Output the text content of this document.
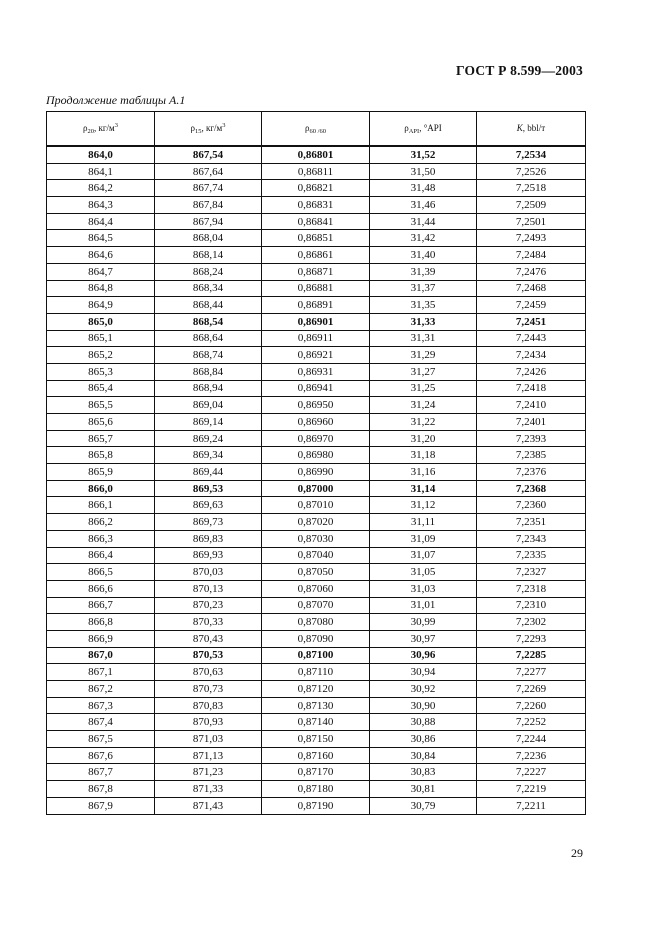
ГОСТ Р 8.599—2003
Продолжение таблицы А.1
$\rho_{20}$, $кг/м^3$	$\rho_{15}$, $кг/м^3$	$\rho_{60 /60}$	$\rho_{API}$, °API	K, bbl/т
864,0	867,54	0,86801	31,52	7,2534
864,1	867,64	0,86811	31,50	7,2526
864,2	867,74	0,86821	31,48	7,2518
864,3	867,84	0,86831	31,46	7,2509
864,4	867,94	0,86841	31,44	7,2501
864,5	868,04	0,86851	31,42	7,2493
864,6	868,14	0,86861	31,40	7,2484
864,7	868,24	0,86871	31,39	7,2476
864,8	868,34	0,86881	31,37	7,2468
864,9	868,44	0,86891	31,35	7,2459
865,0	868,54	0,86901	31,33	7,2451
865,1	868,64	0,86911	31,31	7,2443
865,2	868,74	0,86921	31,29	7,2434
865,3	868,84	0,86931	31,27	7,2426
865,4	868,94	0,86941	31,25	7,2418
865,5	869,04	0,86950	31,24	7,2410
865,6	869,14	0,86960	31,22	7,2401
865,7	869,24	0,86970	31,20	7,2393
865,8	869,34	0,86980	31,18	7,2385
865,9	869,44	0,86990	31,16	7,2376
866,0	869,53	0,87000	31,14	7,2368
866,1	869,63	0,87010	31,12	7,2360
866,2	869,73	0,87020	31,11	7,2351
866,3	869,83	0,87030	31,09	7,2343
866,4	869,93	0,87040	31,07	7,2335
866,5	870,03	0,87050	31,05	7,2327
866,6	870,13	0,87060	31,03	7,2318
866,7	870,23	0,87070	31,01	7,2310
866,8	870,33	0,87080	30,99	7,2302
866,9	870,43	0,87090	30,97	7,2293
867,0	870,53	0,87100	30,96	7,2285
867,1	870,63	0,87110	30,94	7,2277
867,2	870,73	0,87120	30,92	7,2269
867,3	870,83	0,87130	30,90	7,2260
867,4	870,93	0,87140	30,88	7,2252
867,5	871,03	0,87150	30,86	7,2244
867,6	871,13	0,87160	30,84	7,2236
867,7	871,23	0,87170	30,83	7,2227
867,8	871,33	0,87180	30,81	7,2219
867,9	871,43	0,87190	30,79	7,2211
29
